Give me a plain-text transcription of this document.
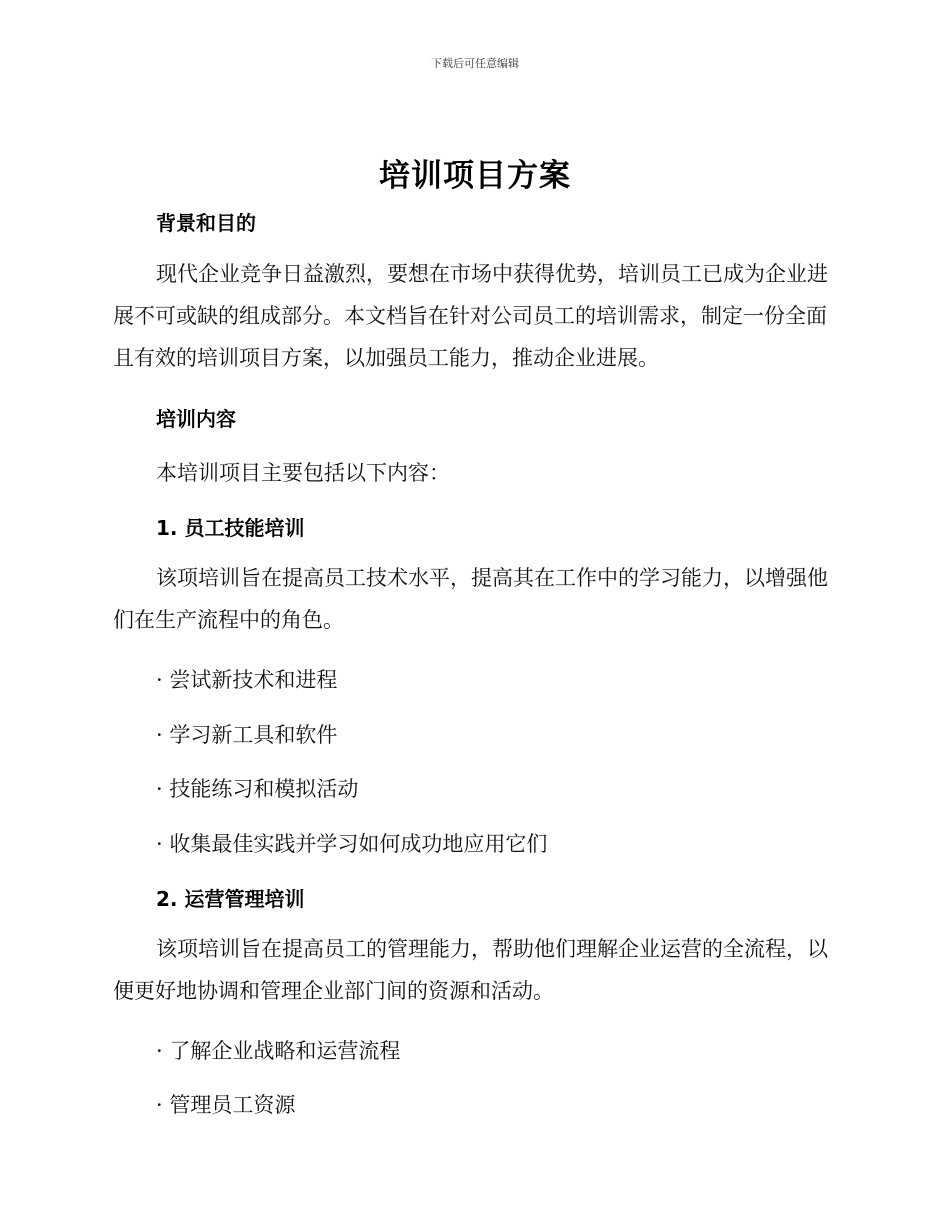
下载后可任意编辑
培训项目方案
背景和目的
现代企业竞争日益激烈，要想在市场中获得优势，培训员工已成为企业进展不可或缺的组成部分。本文档旨在针对公司员工的培训需求，制定一份全面且有效的培训项目方案，以加强员工能力，推动企业进展。
培训内容
本培训项目主要包括以下内容：
1. 员工技能培训
该项培训旨在提高员工技术水平，提高其在工作中的学习能力，以增强他们在生产流程中的角色。
· 尝试新技术和进程
· 学习新工具和软件
· 技能练习和模拟活动
· 收集最佳实践并学习如何成功地应用它们
2. 运营管理培训
该项培训旨在提高员工的管理能力，帮助他们理解企业运营的全流程，以便更好地协调和管理企业部门间的资源和活动。
· 了解企业战略和运营流程
· 管理员工资源
